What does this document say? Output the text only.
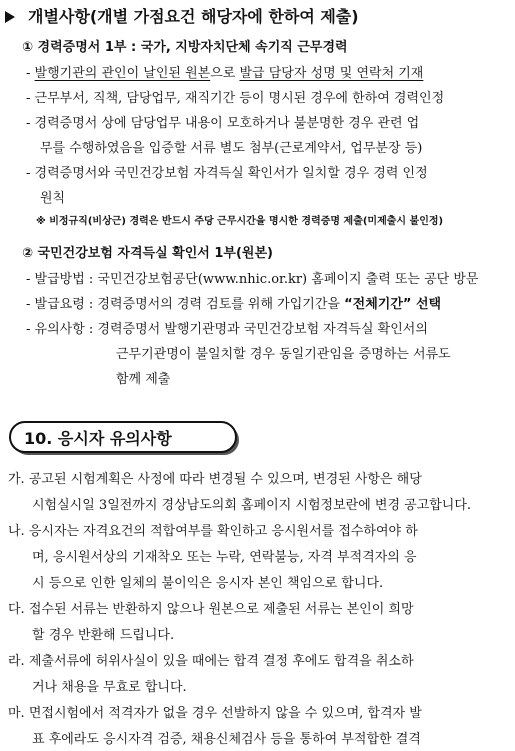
개별사항(개별 가점요건 해당자에 한하여 제출)
① 경력증명서 1부 : 국가, 지방자치단체 속기직 근무경력
- 발행기관의 관인이 날인된 원본으로 발급 담당자 성명 및 연락처 기재
- 근무부서, 직책, 담당업무, 재직기간 등이 명시된 경우에 한하여 경력인정
- 경력증명서 상에 담당업무 내용이 모호하거나 불분명한 경우 관련 업
무를 수행하였음을 입증할 서류 별도 첨부(근로계약서, 업무분장 등)
- 경력증명서와 국민건강보험 자격득실 확인서가 일치할 경우 경력 인정
원칙
※ 비정규직(비상근) 경력은 반드시 주당 근무시간을 명시한 경력증명 제출(미제출시 불인정)
② 국민건강보험 자격득실 확인서 1부(원본)
- 발급방법 : 국민건강보험공단(www.nhic.or.kr) 홈페이지 출력 또는 공단 방문
- 발급요령 : 경력증명서의 경력 검토를 위해 가입기간을 “전체기간” 선택
- 유의사항 : 경력증명서 발행기관명과 국민건강보험 자격득실 확인서의
근무기관명이 불일치할 경우 동일기관임을 증명하는 서류도
함께 제출
10. 응시자 유의사항
가. 공고된 시험계획은 사정에 따라 변경될 수 있으며, 변경된 사항은 해당
시험실시일 3일전까지 경상남도의회 홈페이지 시험정보란에 변경 공고합니다.
나. 응시자는 자격요건의 적합여부를 확인하고 응시원서를 접수하여야 하
며, 응시원서상의 기재착오 또는 누락, 연락불능, 자격 부적격자의 응
시 등으로 인한 일체의 불이익은 응시자 본인 책임으로 합니다.
다. 접수된 서류는 반환하지 않으나 원본으로 제출된 서류는 본인이 희망
할 경우 반환해 드립니다.
라. 제출서류에 허위사실이 있을 때에는 합격 결정 후에도 합격을 취소하
거나 채용을 무효로 합니다.
마. 면접시험에서 적격자가 없을 경우 선발하지 않을 수 있으며, 합격자 발
표 후에라도 응시자격 검증, 채용신체검사 등을 통하여 부적합한 결격
